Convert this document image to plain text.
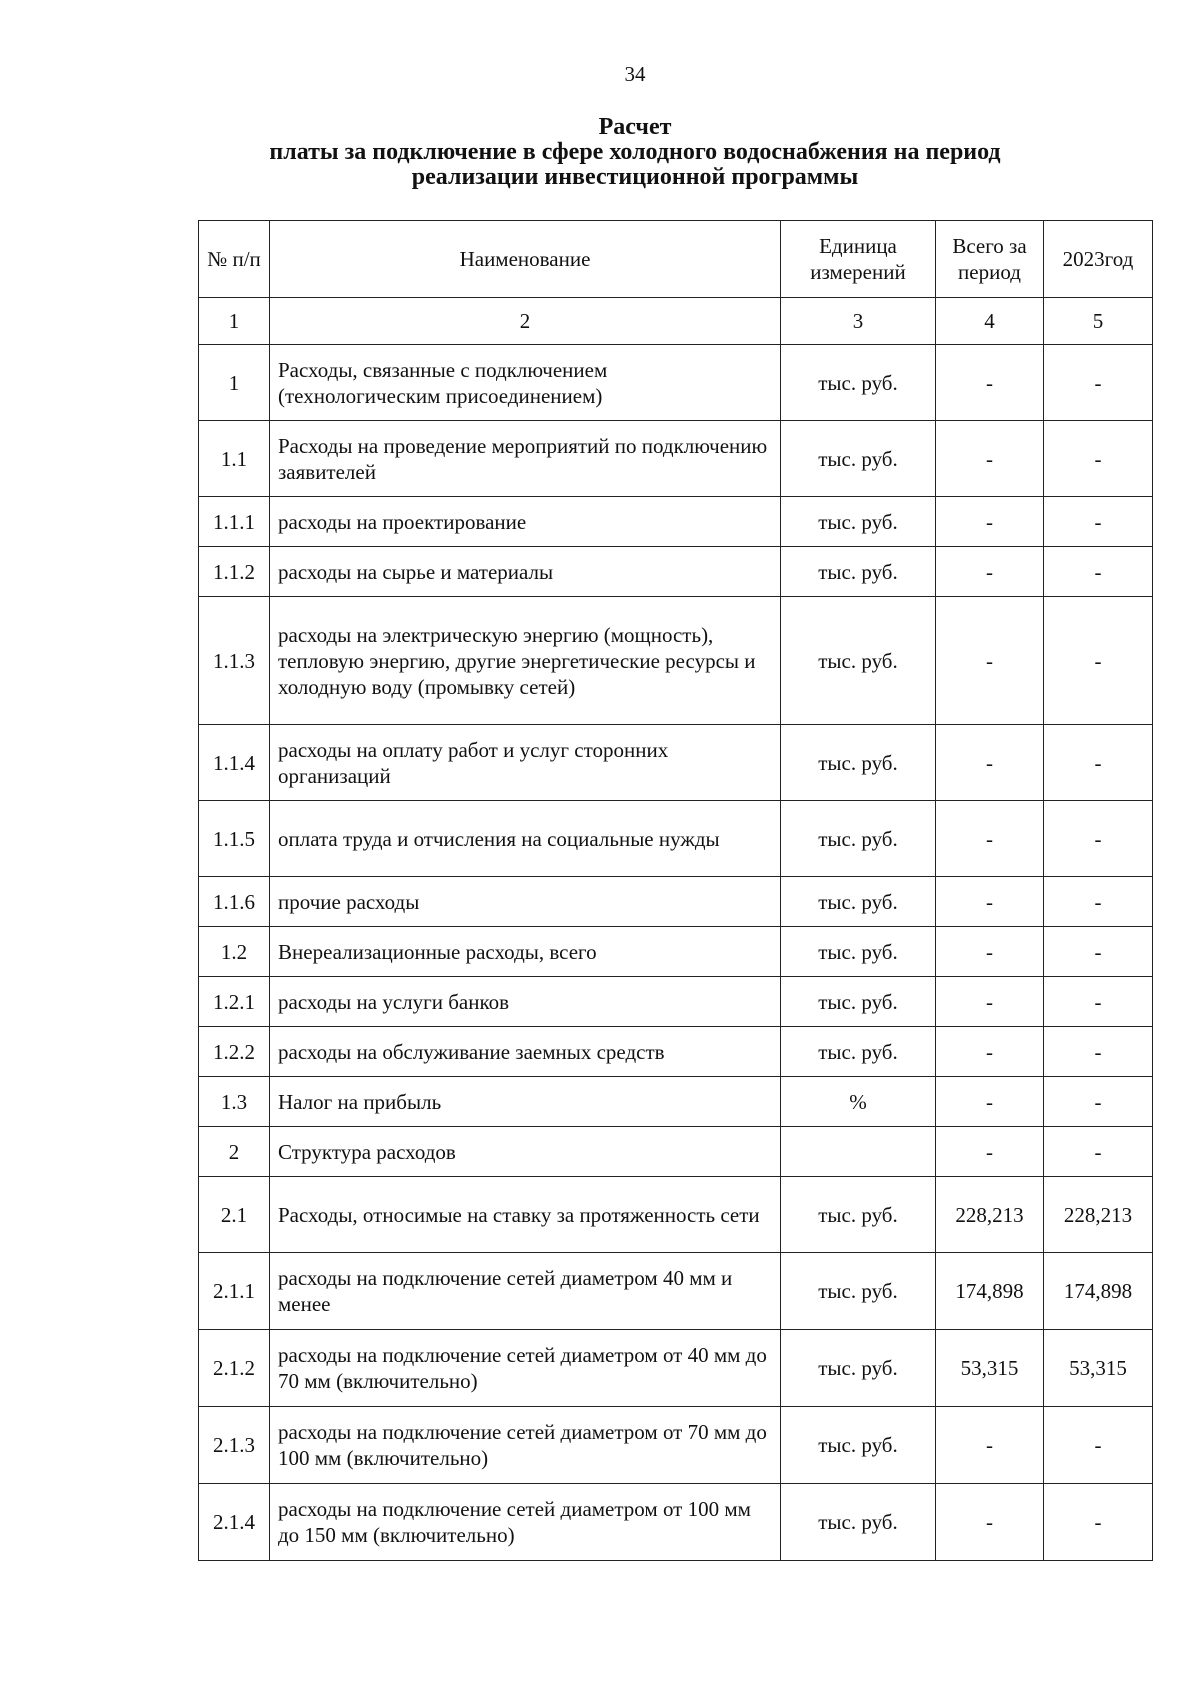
34
Расчет
платы за подключение в сфере холодного водоснабжения на период
реализации инвестиционной программы
№ п/п	Наименование	Единица измерений	Всего за период	2023год
1	2	3	4	5
1	Расходы, связанные с подключением (технологическим присоединением)	тыс. руб.	-	-
1.1	Расходы на проведение мероприятий по подключению заявителей	тыс. руб.	-	-
1.1.1	расходы на проектирование	тыс. руб.	-	-
1.1.2	расходы на сырье и материалы	тыс. руб.	-	-
1.1.3	расходы на электрическую энергию (мощность), тепловую энергию, другие энергетические ресурсы и холодную воду (промывку сетей)	тыс. руб.	-	-
1.1.4	расходы на оплату работ и услуг сторонних организаций	тыс. руб.	-	-
1.1.5	оплата труда и отчисления на социальные нужды	тыс. руб.	-	-
1.1.6	прочие расходы	тыс. руб.	-	-
1.2	Внереализационные расходы, всего	тыс. руб.	-	-
1.2.1	расходы на услуги банков	тыс. руб.	-	-
1.2.2	расходы на обслуживание заемных средств	тыс. руб.	-	-
1.3	Налог на прибыль	%	-	-
2	Структура расходов		-	-
2.1	Расходы, относимые на ставку за протяженность сети	тыс. руб.	228,213	228,213
2.1.1	расходы на подключение сетей диаметром 40 мм и менее	тыс. руб.	174,898	174,898
2.1.2	расходы на подключение сетей диаметром от 40 мм до 70 мм (включительно)	тыс. руб.	53,315	53,315
2.1.3	расходы на подключение сетей диаметром от 70 мм до 100 мм (включительно)	тыс. руб.	-	-
2.1.4	расходы на подключение сетей диаметром от 100 мм до 150 мм (включительно)	тыс. руб.	-	-
